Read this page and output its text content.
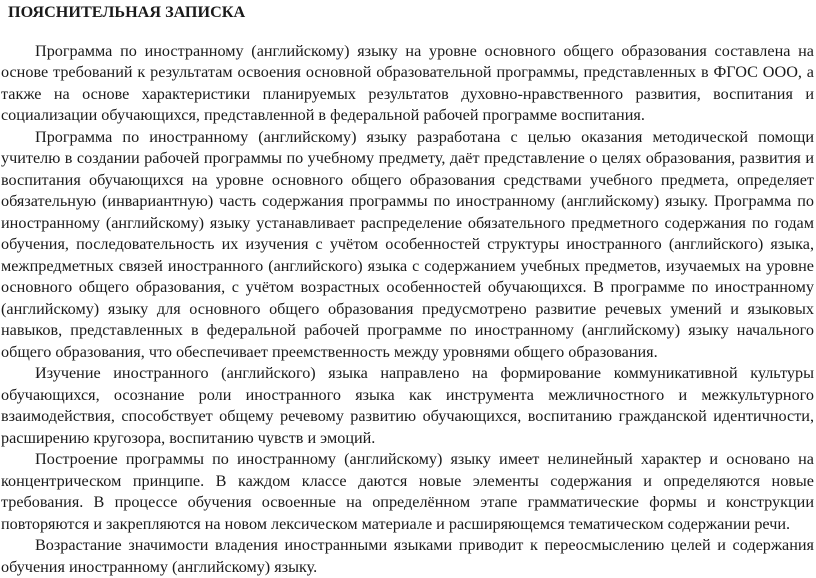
ПОЯСНИТЕЛЬНАЯ ЗАПИСКА

Программа по иностранному (английскому) языку на уровне основного общего образования составлена на основе требований к результатам освоения основной образовательной программы, представленных в ФГОС ООО, а также на основе характеристики планируемых результатов духовно-нравственного развития, воспитания и социализации обучающихся, представленной в федеральной рабочей программе воспитания.

Программа по иностранному (английскому) языку разработана с целью оказания методической помощи учителю в создании рабочей программы по учебному предмету, даёт представление о целях образования, развития и воспитания обучающихся на уровне основного общего образования средствами учебного предмета, определяет обязательную (инвариантную) часть содержания программы по иностранному (английскому) языку. Программа по иностранному (английскому) языку устанавливает распределение обязательного предметного содержания по годам обучения, последовательность их изучения с учётом особенностей структуры иностранного (английского) языка, межпредметных связей иностранного (английского) языка с содержанием учебных предметов, изучаемых на уровне основного общего образования, с учётом возрастных особенностей обучающихся. В программе по иностранному (английскому) языку для основного общего образования предусмотрено развитие речевых умений и языковых навыков, представленных в федеральной рабочей программе по иностранному (английскому) языку начального общего образования, что обеспечивает преемственность между уровнями общего образования.

Изучение иностранного (английского) языка направлено на формирование коммуникативной культуры обучающихся, осознание роли иностранного языка как инструмента межличностного и межкультурного взаимодействия, способствует общему речевому развитию обучающихся, воспитанию гражданской идентичности, расширению кругозора, воспитанию чувств и эмоций.

Построение программы по иностранному (английскому) языку имеет нелинейный характер и основано на концентрическом принципе. В каждом классе даются новые элементы содержания и определяются новые требования. В процессе обучения освоенные на определённом этапе грамматические формы и конструкции повторяются и закрепляются на новом лексическом материале и расширяющемся тематическом содержании речи.

Возрастание значимости владения иностранными языками приводит к переосмыслению целей и содержания обучения иностранному (английскому) языку.
